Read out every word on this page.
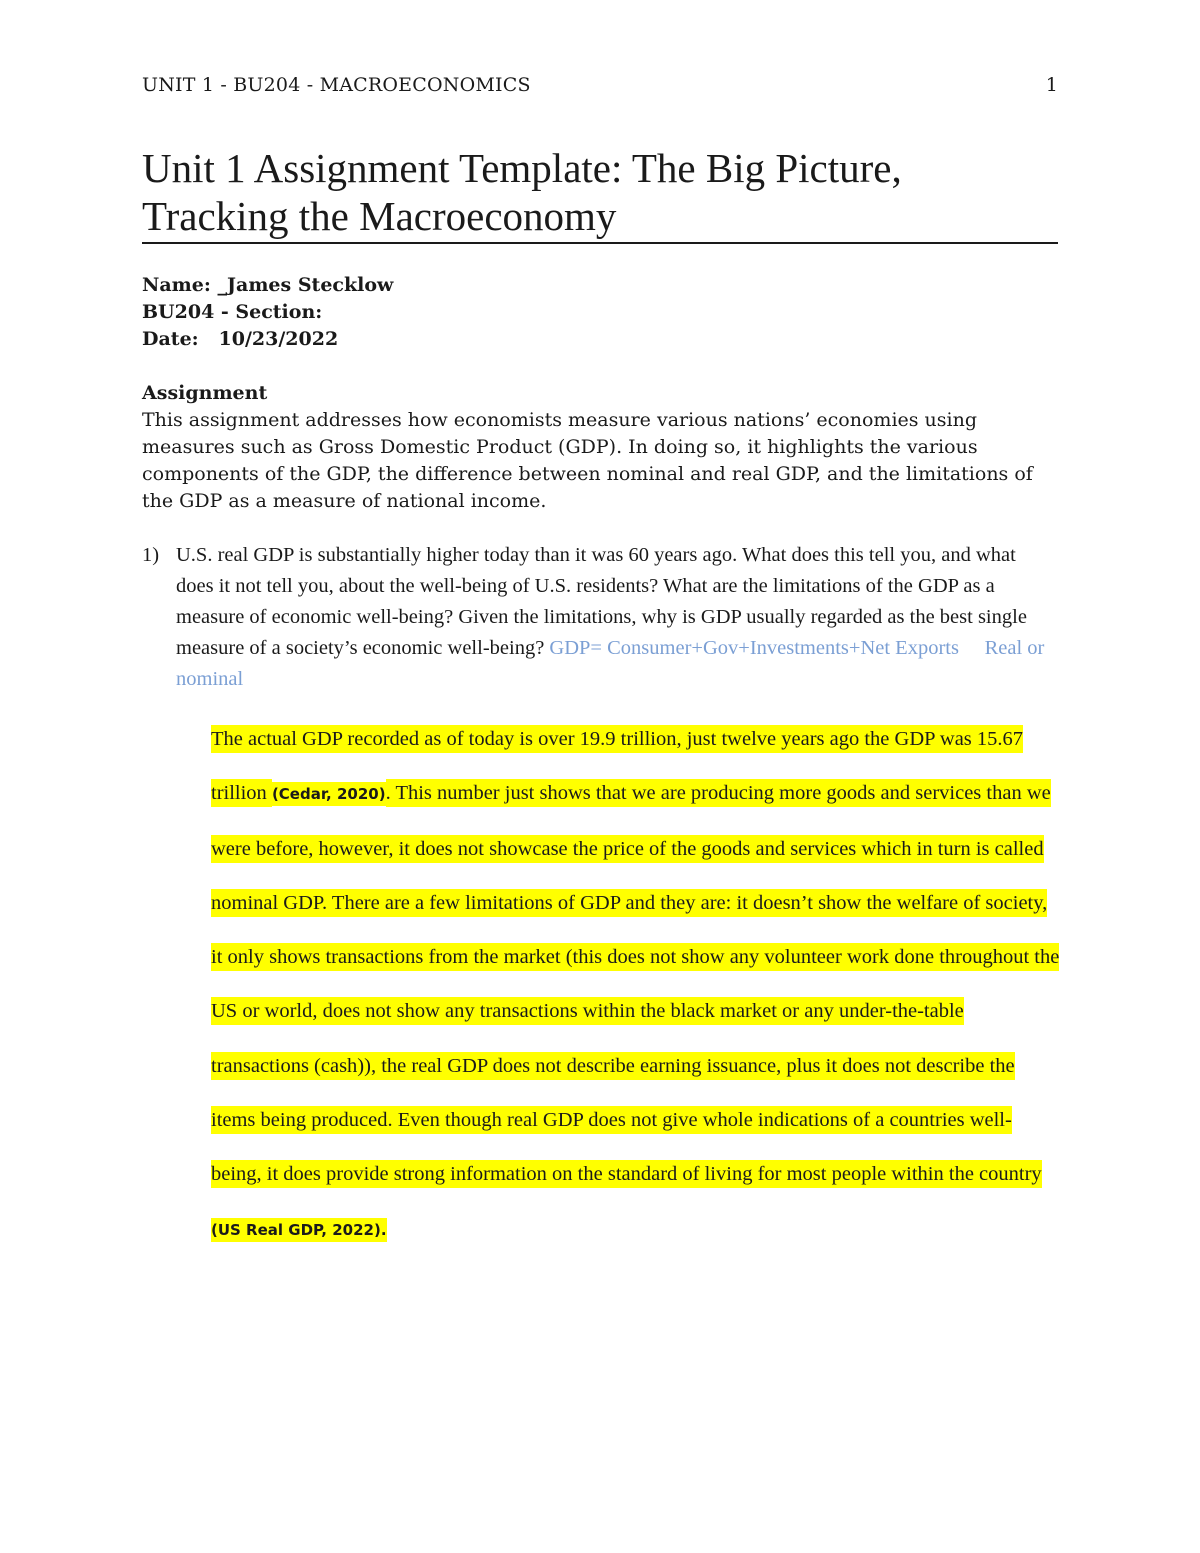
UNIT 1 - BU204 - MACROECONOMICS	1
Unit 1 Assignment Template: The Big Picture,
Tracking the Macroeconomy
Name: _James Stecklow
BU204 - Section:
Date: 10/23/2022
Assignment

This assignment addresses how economists measure various nations’ economies using measures such as Gross Domestic Product (GDP). In doing so, it highlights the various components of the GDP, the difference between nominal and real GDP, and the limitations of the GDP as a measure of national income.

1) U.S. real GDP is substantially higher today than it was 60 years ago. What does this tell you, and what does it not tell you, about the well-being of U.S. residents? What are the limitations of the GDP as a measure of economic well-being? Given the limitations, why is GDP usually regarded as the best single measure of a society’s economic well-being? GDP= Consumer+Gov+Investments+Net Exports Real or nominal
The actual GDP recorded as of today is over 19.9 trillion, just twelve years ago the GDP was 15.67 trillion (Cedar, 2020). This number just shows that we are producing more goods and services than we were before, however, it does not showcase the price of the goods and services which in turn is called nominal GDP. There are a few limitations of GDP and they are: it doesn’t show the welfare of society, it only shows transactions from the market (this does not show any volunteer work done throughout the US or world, does not show any transactions within the black market or any under-the-table transactions (cash)), the real GDP does not describe earning issuance, plus it does not describe the items being produced. Even though real GDP does not give whole indications of a countries well-being, it does provide strong information on the standard of living for most people within the country (US Real GDP, 2022).
